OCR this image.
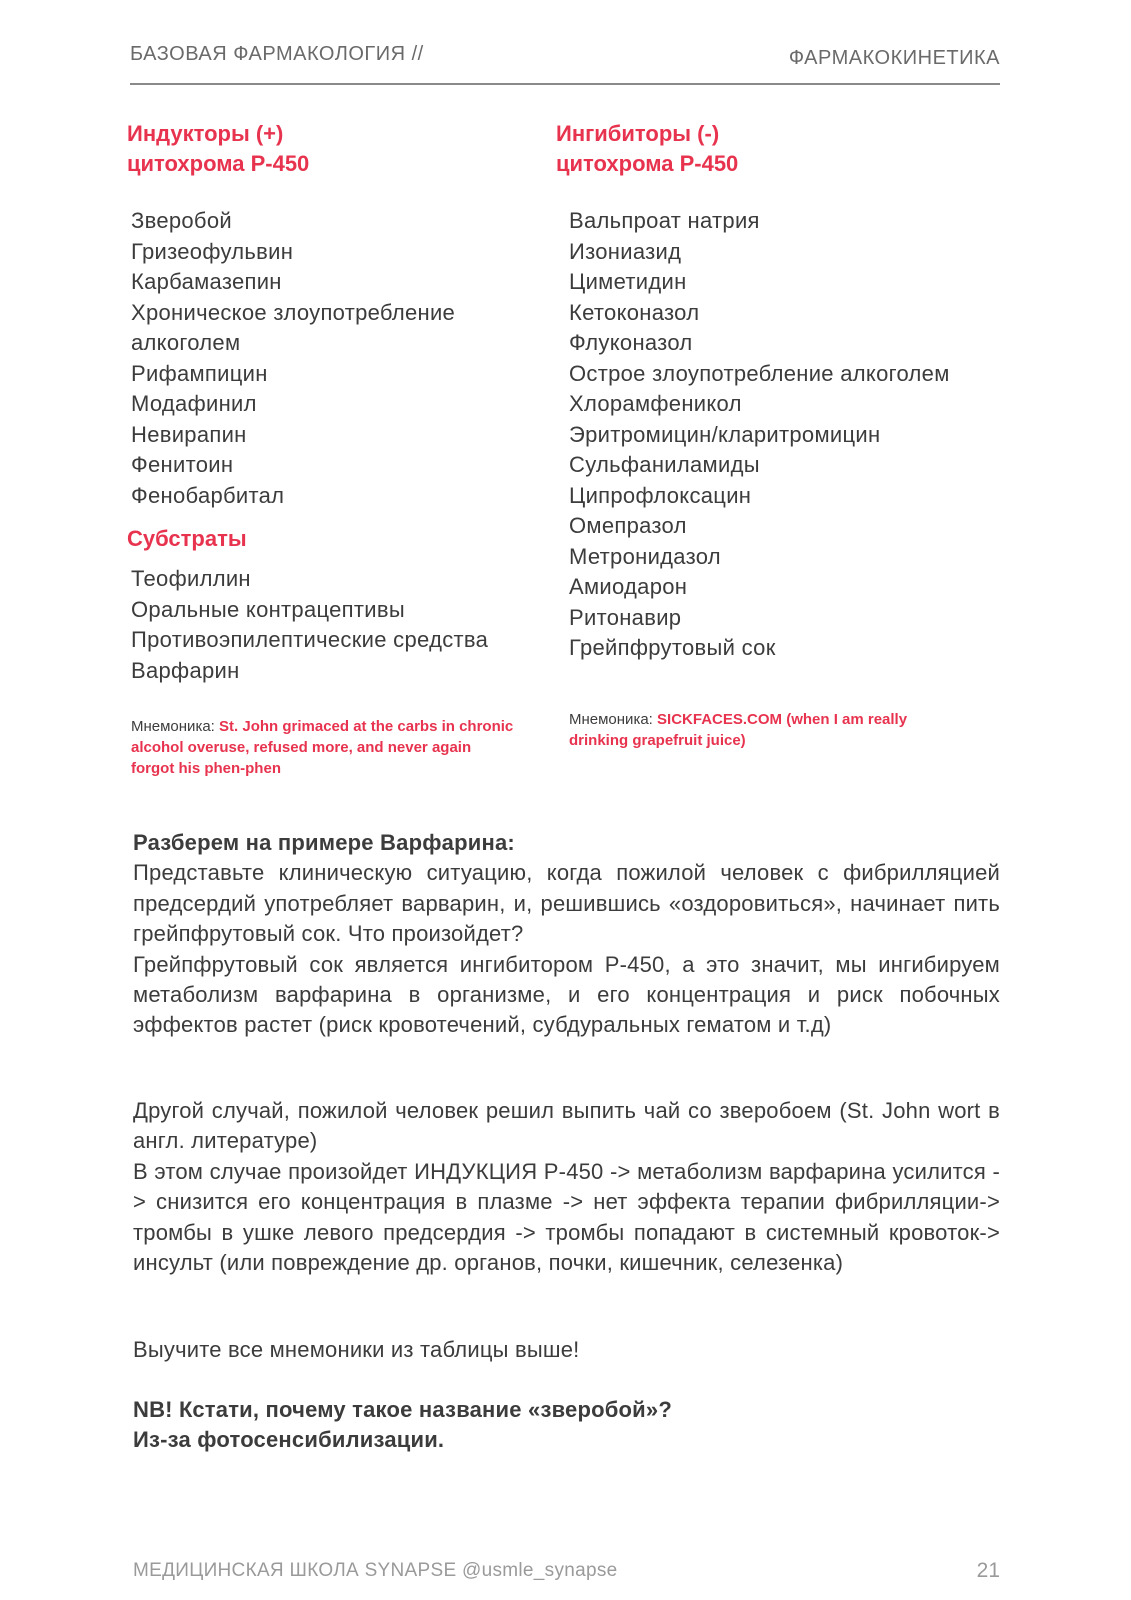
БАЗОВАЯ ФАРМАКОЛОГИЯ //	ФАРМАКОКИНЕТИКА
Индукторы (+)
цитохрома Р-450
Зверобой
Гризеофульвин
Карбамазепин
Хроническое злоупотребление
алкоголем
Рифампицин
Модафинил
Невирапин
Фенитоин
Фенобарбитал
Субстраты
Теофиллин
Оральные контрацептивы
Противоэпилептические средства
Варфарин
Мнемоника: St. John grimaced at the carbs in chronic alcohol overuse, refused more, and never again forgot his phen-phen
Ингибиторы (-)
цитохрома Р-450
Вальпроат натрия
Изониазид
Циметидин
Кетоконазол
Флуконазол
Острое злоупотребление алкоголем
Хлорамфеникол
Эритромицин/кларитромицин
Сульфаниламиды
Ципрофлоксацин
Омепразол
Метронидазол
Амиодарон
Ритонавир
Грейпфрутовый сок
Мнемоника: SICKFACES.COM (when I am really drinking grapefruit juice)

Разберем на примере Варфарина:

Представьте клиническую ситуацию, когда пожилой человек с фибрилляцией предсердий употребляет варварин, и, решившись «оздоровиться», начинает пить грейпфрутовый сок. Что произойдет?

Грейпфрутовый сок является ингибитором Р-450, а это значит, мы ингибируем метаболизм варфарина в организме, и его концентрация и риск побочных эффектов растет (риск кровотечений, субдуральных гематом и т.д)

Другой случай, пожилой человек решил выпить чай со зверобоем (St. John wort в англ. литературе)

В этом случае произойдет ИНДУКЦИЯ Р-450 -> метаболизм варфарина усилится -> снизится его концентрация в плазме -> нет эффекта терапии фибрилляции-> тромбы в ушке левого предсердия -> тромбы попадают в системный кровоток-> инсульт (или повреждение др. органов, почки, кишечник, селезенка)

Выучите все мнемоники из таблицы выше!

NB! Кстати, почему такое название «зверобой»?

Из-за фотосенсибилизации.

МЕДИЦИНСКАЯ ШКОЛА SYNAPSE @usmle_synapse	21
